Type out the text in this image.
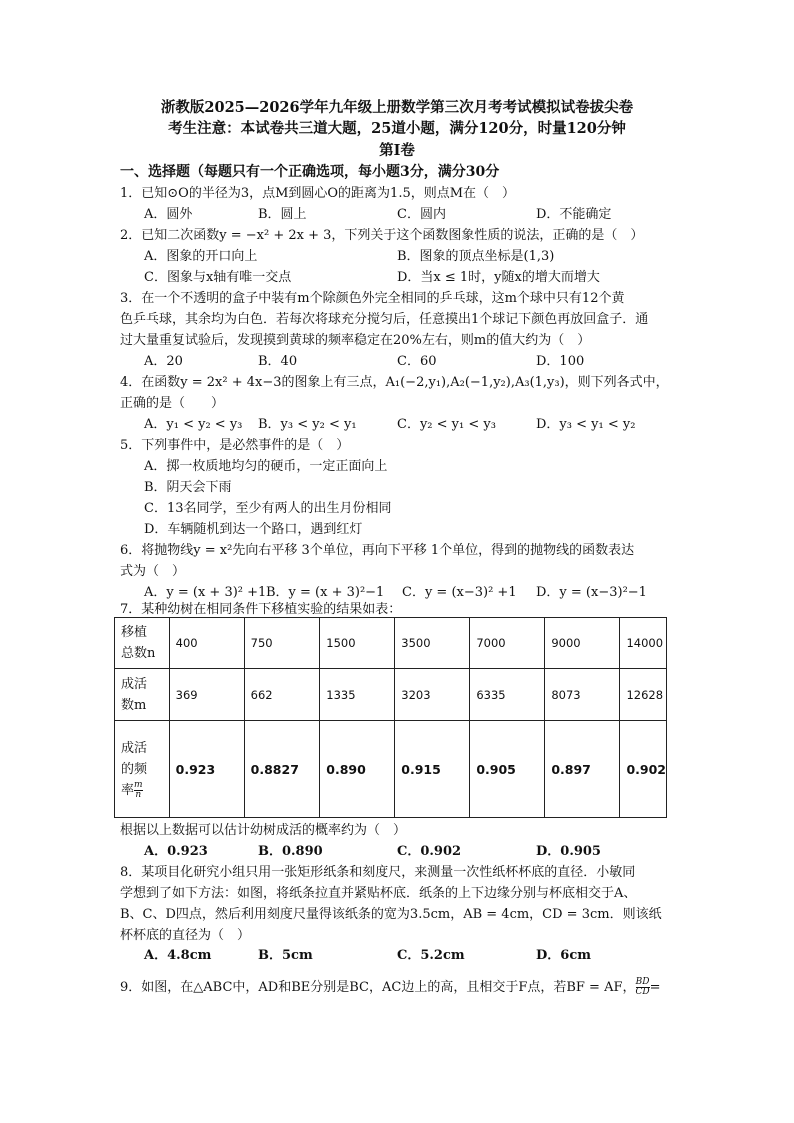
浙教版2025—2026学年九年级上册数学第三次月考考试模拟试卷拔尖卷
考生注意：本试卷共三道大题，25道小题，满分120分，时量120分钟
第Ⅰ卷
一、选择题（每题只有一个正确选项，每小题3分，满分30分
1．已知⊙O的半径为3，点M到圆心O的距离为1.5，则点M在（　）
A．圆外	B．圆上	C．圆内	D．不能确定
2．已知二次函数y = −x² + 2x + 3，下列关于这个函数图象性质的说法，正确的是（　）
A．图象的开口向上	B．图象的顶点坐标是(1,3)
C．图象与x轴有唯一交点	D．当x ≤ 1时，y随x的增大而增大
3．在一个不透明的盒子中装有m个除颜色外完全相同的乒乓球，这m个球中只有12个黄
色乒乓球，其余均为白色．若每次将球充分搅匀后，任意摸出1个球记下颜色再放回盒子．通
过大量重复试验后，发现摸到黄球的频率稳定在20%左右，则m的值大约为（　）
A．20	B．40	C．60	D．100
4．在函数y = 2x² + 4x−3的图象上有三点，A₁(−2,y₁),A₂(−1,y₂),A₃(1,y₃)，则下列各式中，
正确的是（　　）
A．y₁ < y₂ < y₃ B．y₃ < y₂ < y₁	C．y₂ < y₁ < y₃	D．y₃ < y₁ < y₂
5．下列事件中，是必然事件的是（　）
A．掷一枚质地均匀的硬币，一定正面向上
B．阴天会下雨
C．13名同学，至少有两人的出生月份相同
D．车辆随机到达一个路口，遇到红灯
6．将抛物线y = x²先向右平移 3个单位，再向下平移 1个单位，得到的抛物线的函数表达
式为（　）
A．y = (x + 3)² +1 B．y = (x + 3)²−1 C．y = (x−3)² +1 D．y = (x−3)²−1
7．某种幼树在相同条件下移植实验的结果如表：
移植
总数n	400	750	1500	3500	7000	9000	14000

成活
数m	369	662	1335	3203	6335	8073	12628

成活
的频
率 $\frac{m}{n}$	0.923	0.8827	0.890	0.915	0.905	0.897	0.902
根据以上数据可以估计幼树成活的概率约为（　）
A．0.923	B．0.890	C．0.902	D．0.905
8．某项目化研究小组只用一张矩形纸条和刻度尺，来测量一次性纸杯杯底的直径．小敏同
学想到了如下方法：如图，将纸条拉直并紧贴杯底．纸条的上下边缘分别与杯底相交于A、
B、C、D四点，然后利用刻度尺量得该纸条的宽为3.5cm，AB = 4cm，CD = 3cm．则该纸
杯杯底的直径为（　）
A．4.8cm	B．5cm	C．5.2cm	D．6cm
9．如图，在△ABC中，AD和BE分别是BC，AC边上的高，且相交于F点，若BF = AF， $\frac{BD}{CD}$ =
